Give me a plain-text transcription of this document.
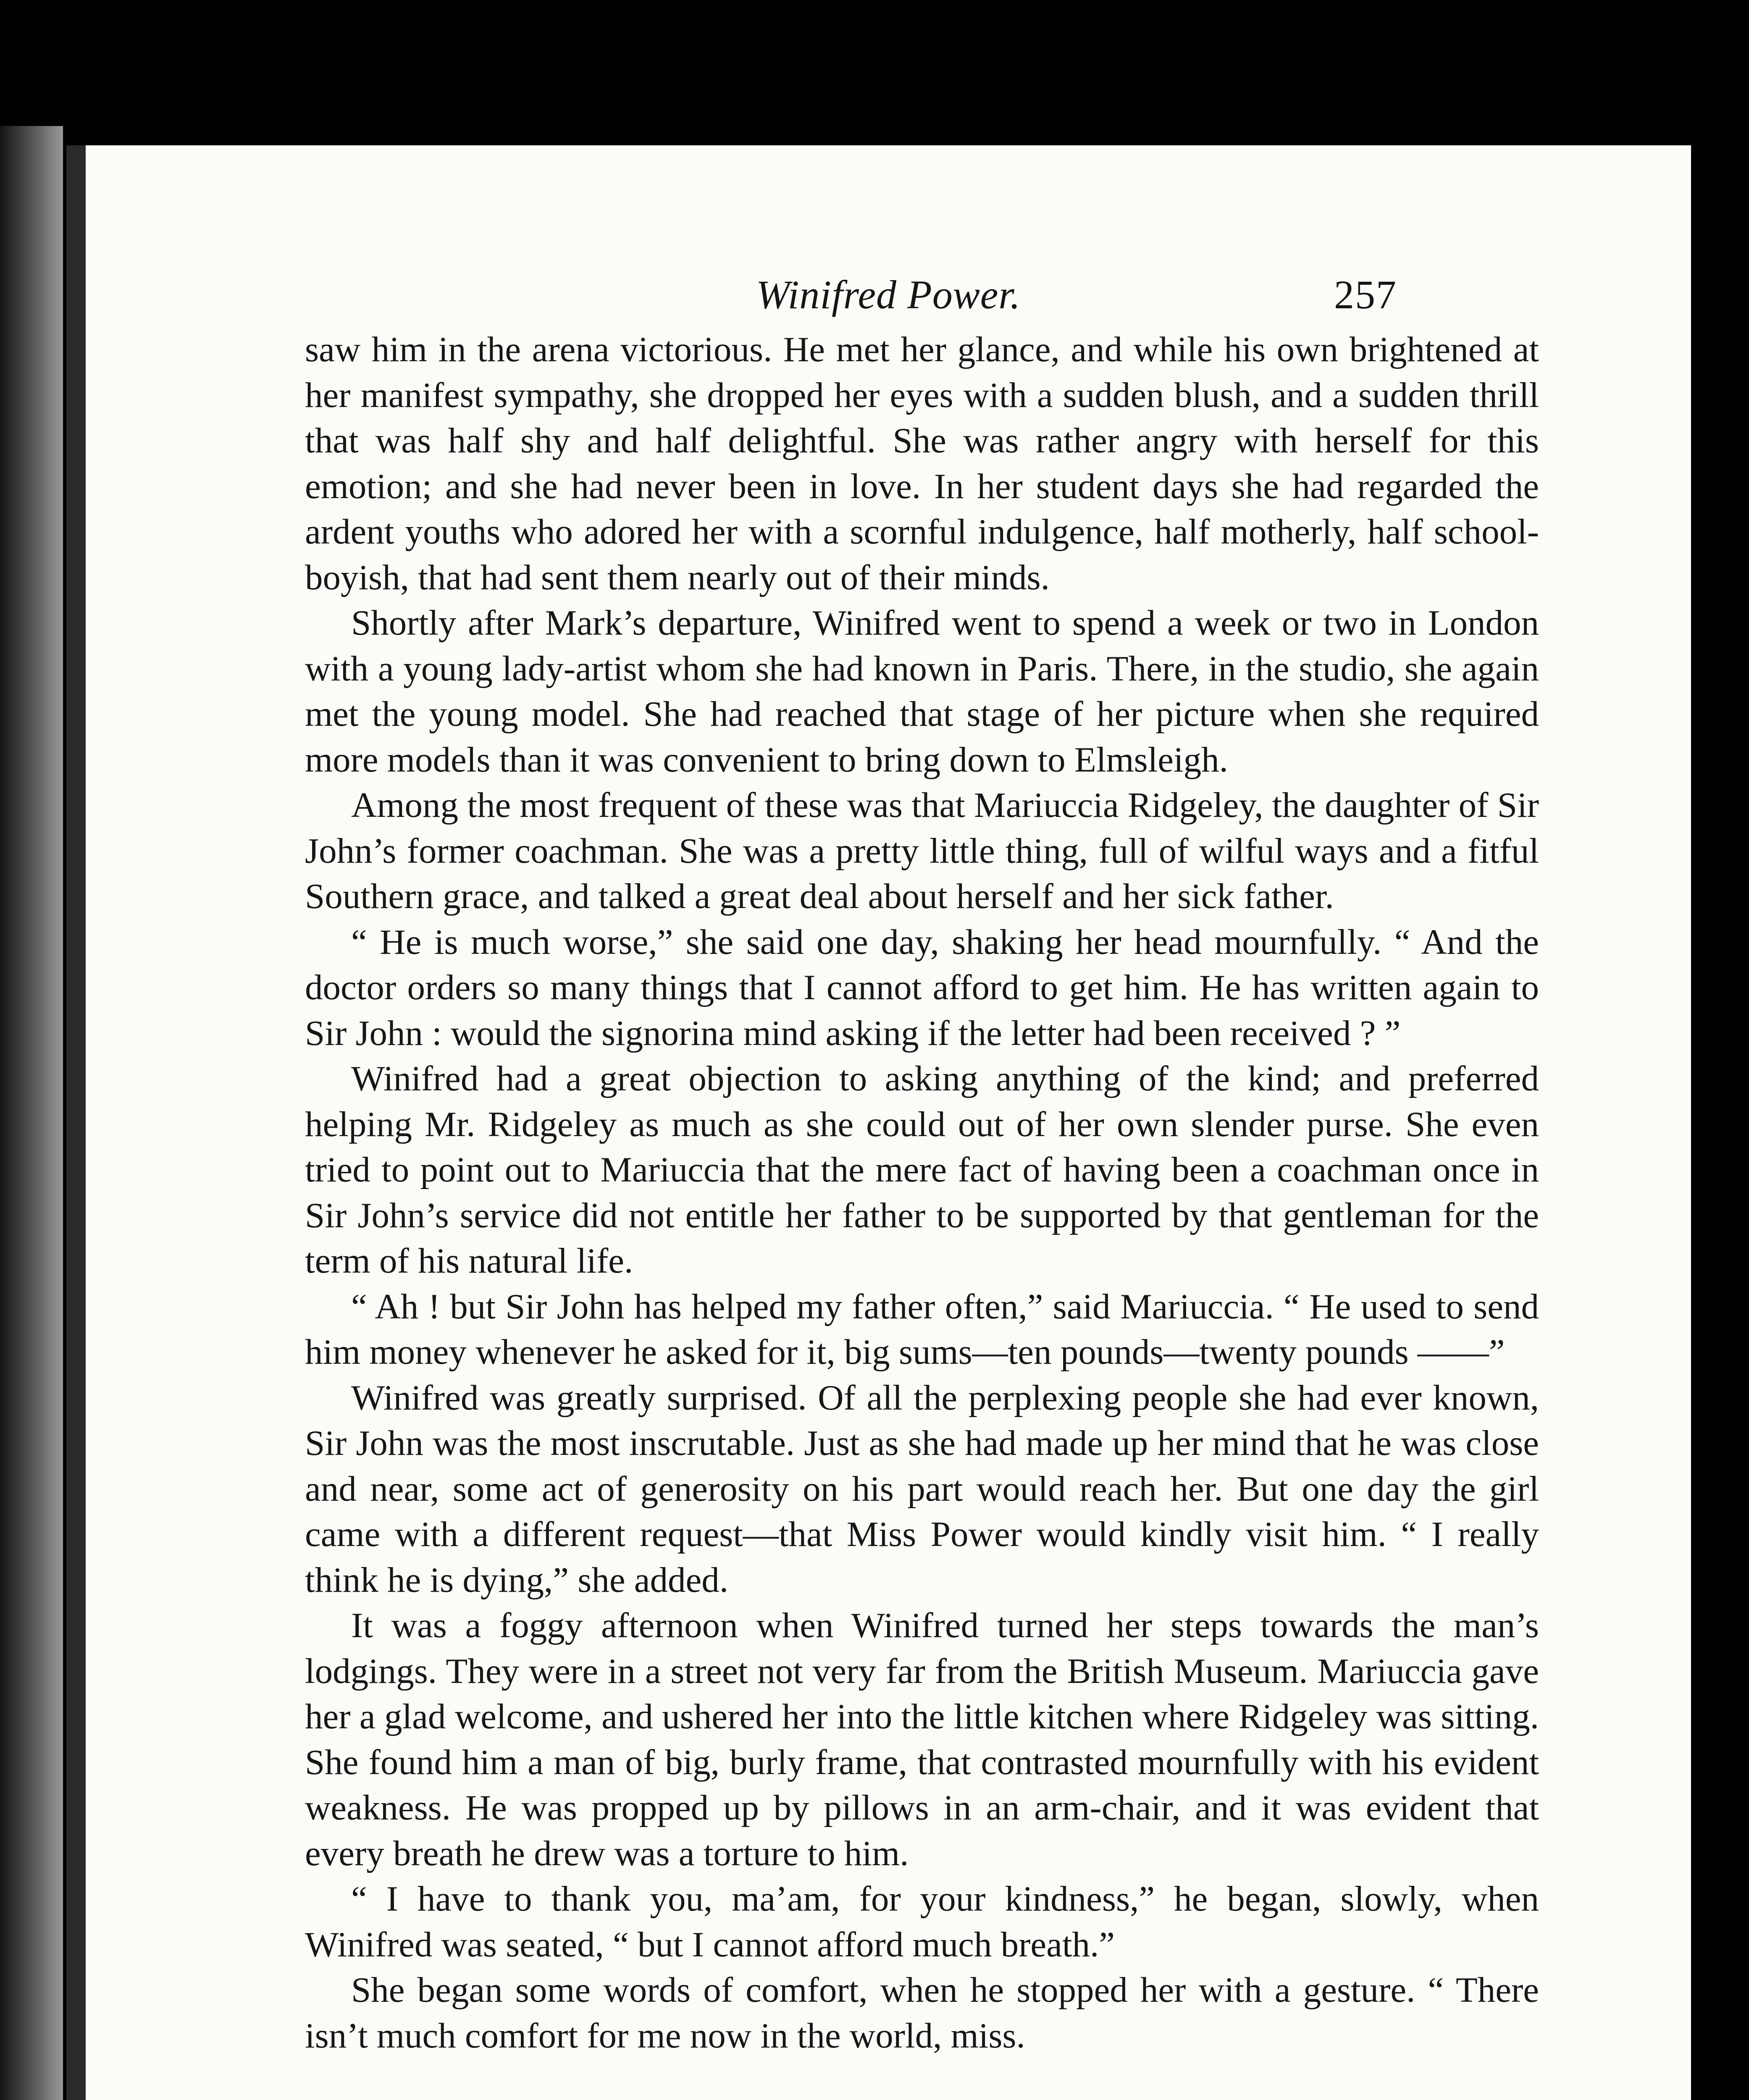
Winifred Power.	257

saw him in the arena victorious. He met her glance, and while his own brightened at her manifest sympathy, she dropped her eyes with a sudden blush, and a sudden thrill that was half shy and half delightful. She was rather angry with herself for this emotion; and she had never been in love. In her student days she had regarded the ardent youths who adored her with a scornful indulgence, half motherly, half school-boyish, that had sent them nearly out of their minds.

Shortly after Mark’s departure, Winifred went to spend a week or two in London with a young lady-artist whom she had known in Paris. There, in the studio, she again met the young model. She had reached that stage of her picture when she required more models than it was convenient to bring down to Elmsleigh.

Among the most frequent of these was that Mariuccia Ridgeley, the daughter of Sir John’s former coachman. She was a pretty little thing, full of wilful ways and a fitful Southern grace, and talked a great deal about herself and her sick father.

“ He is much worse,” she said one day, shaking her head mournfully. “ And the doctor orders so many things that I cannot afford to get him. He has written again to Sir John : would the signorina mind asking if the letter had been received ? ”

Winifred had a great objection to asking anything of the kind; and preferred helping Mr. Ridgeley as much as she could out of her own slender purse. She even tried to point out to Mariuccia that the mere fact of having been a coachman once in Sir John’s service did not entitle her father to be supported by that gentleman for the term of his natural life.

“ Ah ! but Sir John has helped my father often,” said Mariuccia. “ He used to send him money whenever he asked for it, big sums—ten pounds—twenty pounds ——”

Winifred was greatly surprised. Of all the perplexing people she had ever known, Sir John was the most inscrutable. Just as she had made up her mind that he was close and near, some act of generosity on his part would reach her. But one day the girl came with a different request—that Miss Power would kindly visit him. “ I really think he is dying,” she added.

It was a foggy afternoon when Winifred turned her steps towards the man’s lodgings. They were in a street not very far from the British Museum. Mariuccia gave her a glad welcome, and ushered her into the little kitchen where Ridgeley was sitting. She found him a man of big, burly frame, that contrasted mournfully with his evident weakness. He was propped up by pillows in an arm-chair, and it was evident that every breath he drew was a torture to him.

“ I have to thank you, ma’am, for your kindness,” he began, slowly, when Winifred was seated, “ but I cannot afford much breath.”

She began some words of comfort, when he stopped her with a gesture. “ There isn’t much comfort for me now in the world, miss.
